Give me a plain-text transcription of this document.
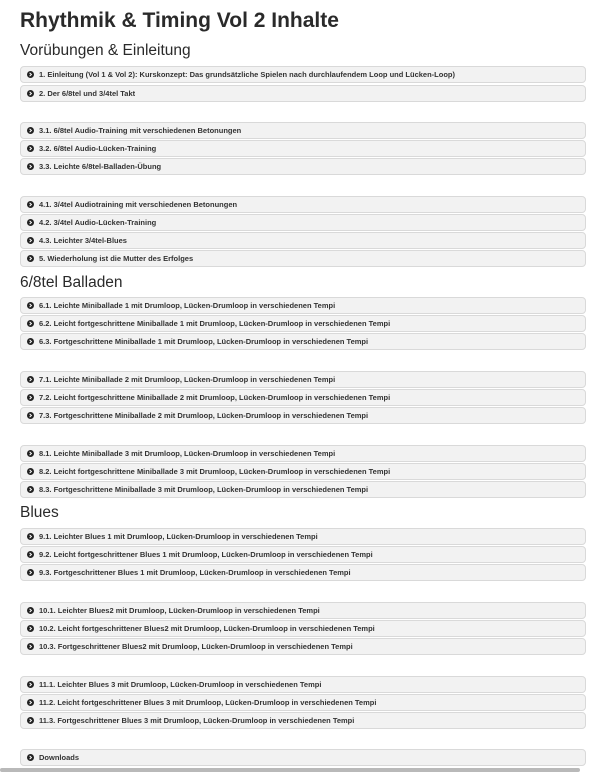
Rhythmik & Timing Vol 2 Inhalte
Vorübungen & Einleitung
6/8tel Balladen
Blues
1. Einleitung (Vol 1 & Vol 2): Kurskonzept: Das grundsätzliche Spielen nach durchlaufendem Loop und Lücken-Loop)
2. Der 6/8tel und 3/4tel Takt
3.1. 6/8tel Audio-Training mit verschiedenen Betonungen
3.2. 6/8tel Audio-Lücken-Training
3.3. Leichte 6/8tel-Balladen-Übung
4.1. 3/4tel Audiotraining mit verschiedenen Betonungen
4.2. 3/4tel Audio-Lücken-Training
4.3. Leichter 3/4tel-Blues
5. Wiederholung ist die Mutter des Erfolges
6.1. Leichte Miniballade 1 mit Drumloop, Lücken-Drumloop in verschiedenen Tempi
6.2. Leicht fortgeschrittene Miniballade 1 mit Drumloop, Lücken-Drumloop in verschiedenen Tempi
6.3. Fortgeschrittene Miniballade 1 mit Drumloop, Lücken-Drumloop in verschiedenen Tempi
7.1. Leichte Miniballade 2 mit Drumloop, Lücken-Drumloop in verschiedenen Tempi
7.2. Leicht fortgeschrittene Miniballade 2 mit Drumloop, Lücken-Drumloop in verschiedenen Tempi
7.3. Fortgeschrittene Miniballade 2 mit Drumloop, Lücken-Drumloop in verschiedenen Tempi
8.1. Leichte Miniballade 3 mit Drumloop, Lücken-Drumloop in verschiedenen Tempi
8.2. Leicht fortgeschrittene Miniballade 3 mit Drumloop, Lücken-Drumloop in verschiedenen Tempi
8.3. Fortgeschrittene Miniballade 3 mit Drumloop, Lücken-Drumloop in verschiedenen Tempi
9.1. Leichter Blues 1 mit Drumloop, Lücken-Drumloop in verschiedenen Tempi
9.2. Leicht fortgeschrittener Blues 1 mit Drumloop, Lücken-Drumloop in verschiedenen Tempi
9.3. Fortgeschrittener Blues 1 mit Drumloop, Lücken-Drumloop in verschiedenen Tempi
10.1. Leichter Blues2 mit Drumloop, Lücken-Drumloop in verschiedenen Tempi
10.2. Leicht fortgeschrittener Blues2 mit Drumloop, Lücken-Drumloop in verschiedenen Tempi
10.3. Fortgeschrittener Blues2 mit Drumloop, Lücken-Drumloop in verschiedenen Tempi
11.1. Leichter Blues 3 mit Drumloop, Lücken-Drumloop in verschiedenen Tempi
11.2. Leicht fortgeschrittener Blues 3 mit Drumloop, Lücken-Drumloop in verschiedenen Tempi
11.3. Fortgeschrittener Blues 3 mit Drumloop, Lücken-Drumloop in verschiedenen Tempi
Downloads
